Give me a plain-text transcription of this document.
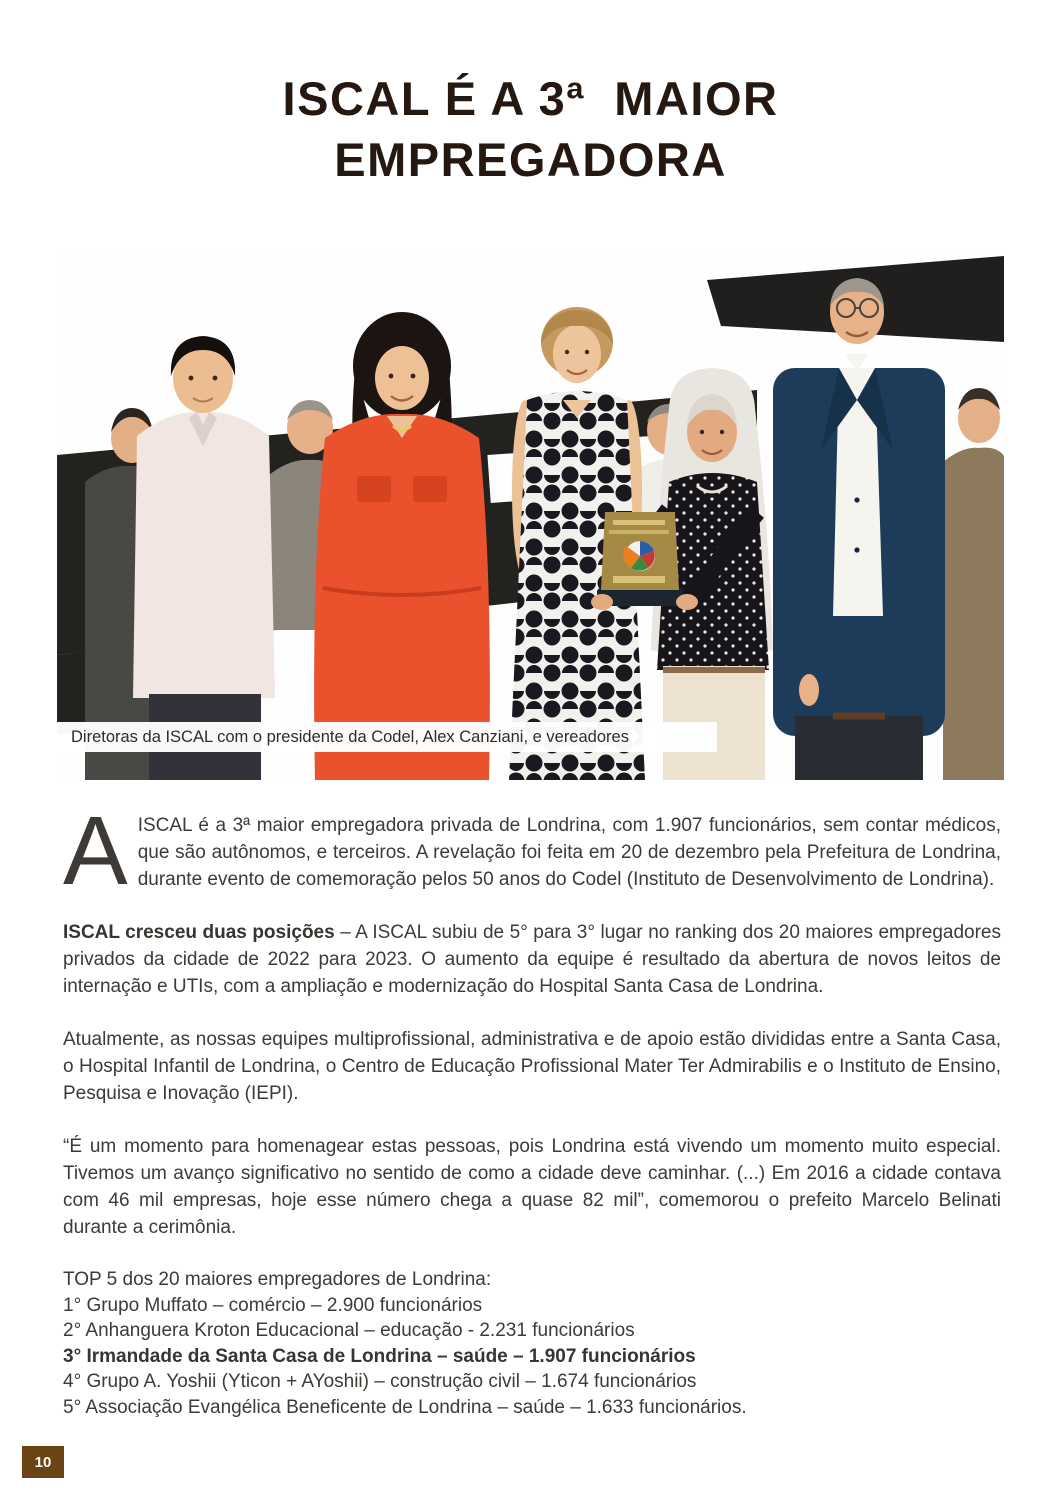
ISCAL É A 3ª  MAIOR
EMPREGADORA
Diretoras da ISCAL com o presidente da Codel, Alex Canziani, e vereadores

A ISCAL é a 3ª maior empregadora privada de Londrina, com 1.907 funcionários, sem contar médicos, que são autônomos, e terceiros. A revelação foi feita em 20 de dezembro pela Prefeitura de Londrina, durante evento de comemoração pelos 50 anos do Codel (Instituto de Desenvolvimento de Londrina).

ISCAL cresceu duas posições – A ISCAL subiu de 5° para 3° lugar no ranking dos 20 maiores empregadores privados da cidade de 2022 para 2023. O aumento da equipe é resultado da abertura de novos leitos de internação e UTIs, com a ampliação e modernização do Hospital Santa Casa de Londrina.

Atualmente, as nossas equipes multiprofissional, administrativa e de apoio estão divididas entre a Santa Casa, o Hospital Infantil de Londrina, o Centro de Educação Profissional Mater Ter Admirabilis e o Instituto de Ensino, Pesquisa e Inovação (IEPI).

“É um momento para homenagear estas pessoas, pois Londrina está vivendo um momento muito especial. Tivemos um avanço significativo no sentido de como a cidade deve caminhar. (...) Em 2016 a cidade contava com 46 mil empresas, hoje esse número chega a quase 82 mil”, comemorou o prefeito Marcelo Belinati durante a cerimônia.

TOP 5 dos 20 maiores empregadores de Londrina:

1° Grupo Muffato – comércio – 2.900 funcionários

2° Anhanguera Kroton Educacional – educação - 2.231 funcionários

3° Irmandade da Santa Casa de Londrina – saúde – 1.907 funcionários

4° Grupo A. Yoshii (Yticon + AYoshii) – construção civil – 1.674 funcionários

5° Associação Evangélica Beneficente de Londrina – saúde – 1.633 funcionários.

10
